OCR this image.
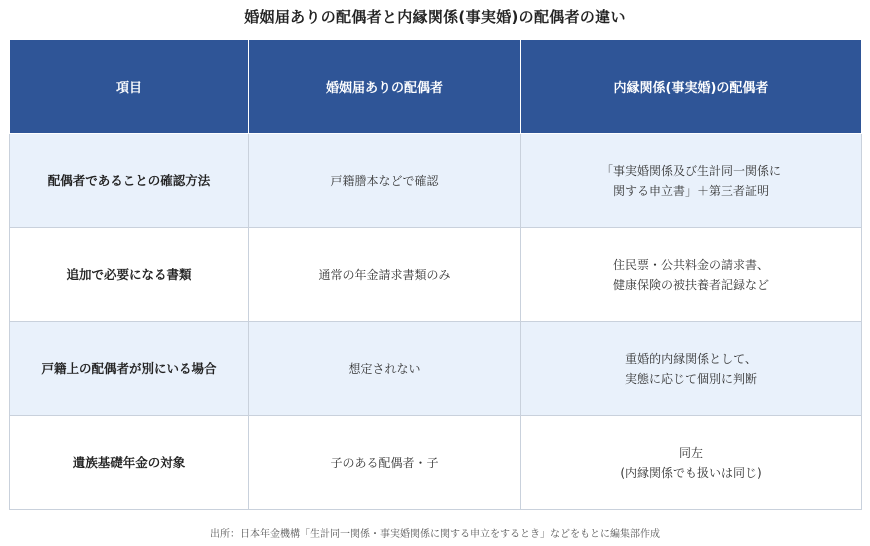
婚姻届ありの配偶者と内縁関係(事実婚)の配偶者の違い
項目	婚姻届ありの配偶者	内縁関係(事実婚)の配偶者
配偶者であることの確認方法	戸籍謄本などで確認	「事実婚関係及び生計同一関係に
関する申立書」＋第三者証明

追加で必要になる書類	通常の年金請求書類のみ	住民票・公共料金の請求書、
健康保険の被扶養者記録など

戸籍上の配偶者が別にいる場合	想定されない	重婚的内縁関係として、
実態に応じて個別に判断

遺族基礎年金の対象	子のある配偶者・子	同左
(内縁関係でも扱いは同じ)
出所：日本年金機構「生計同一関係・事実婚関係に関する申立をするとき」などをもとに編集部作成
